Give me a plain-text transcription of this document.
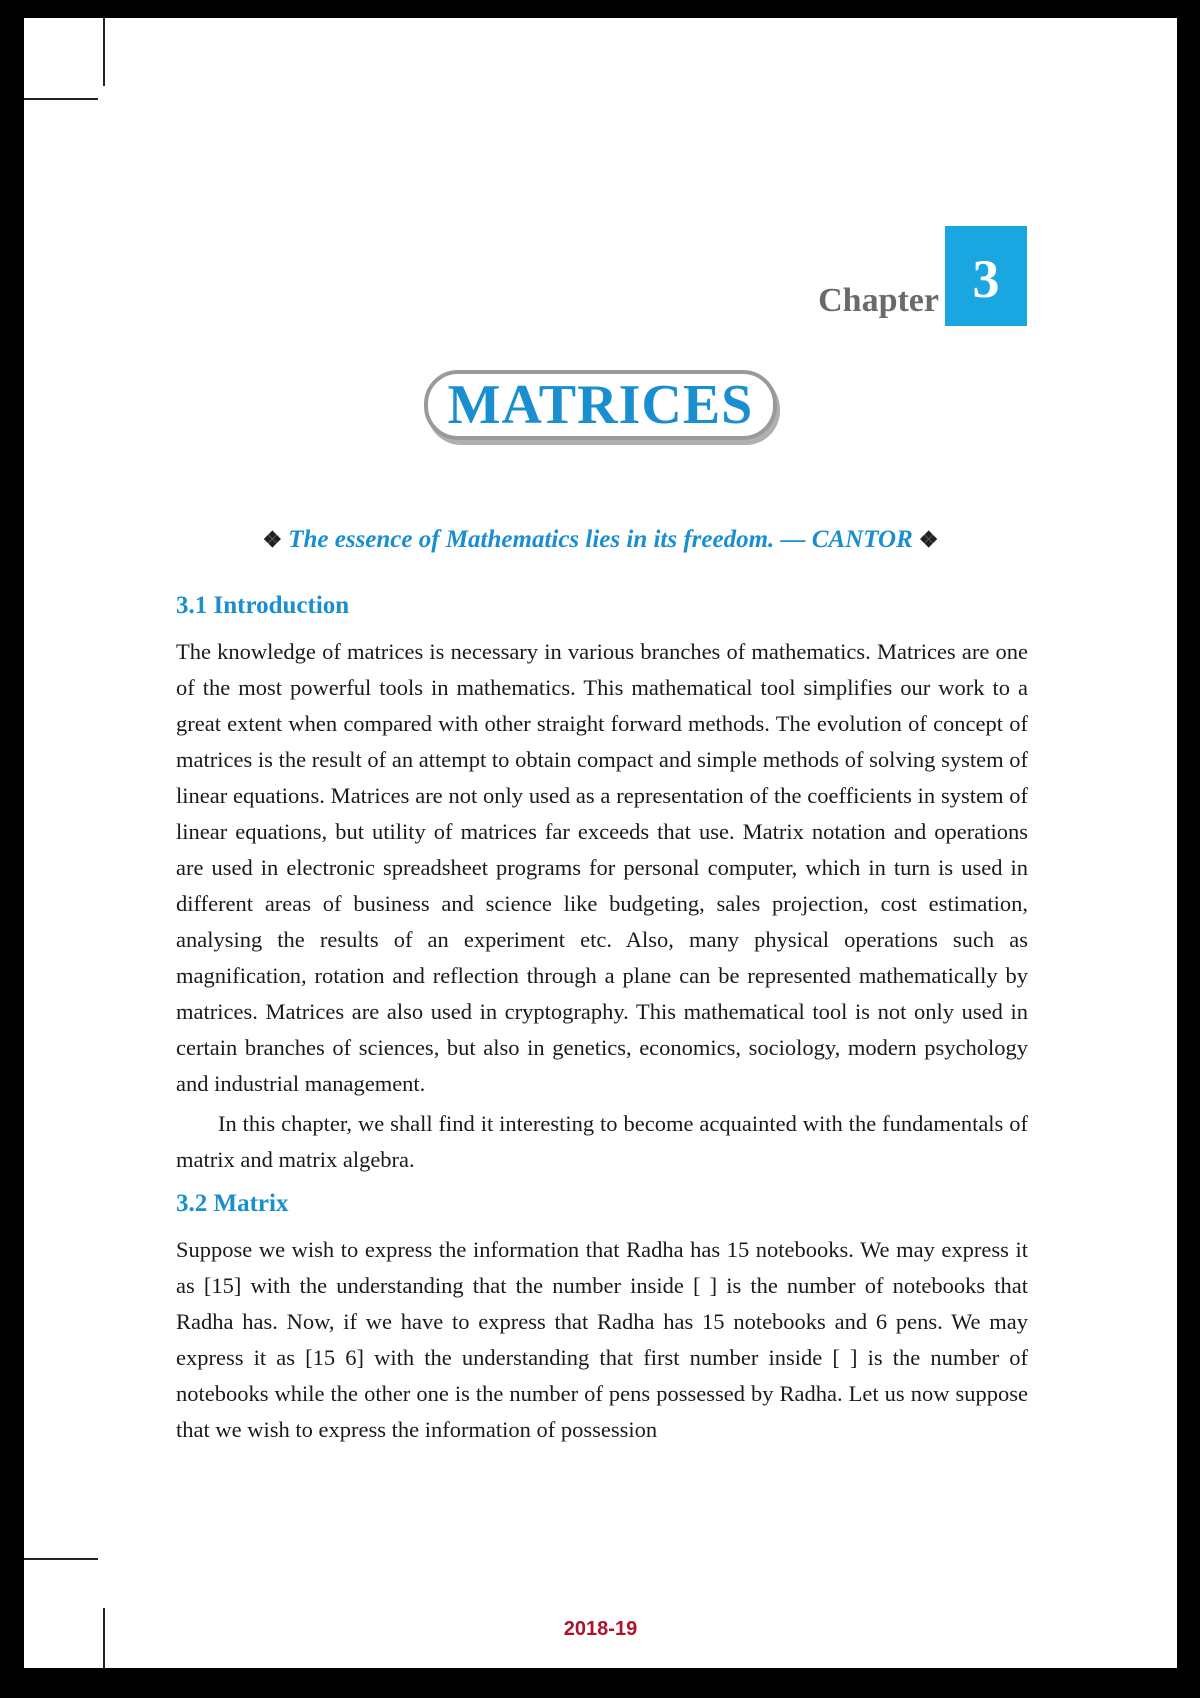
Chapter 3
MATRICES
❖ The essence of Mathematics lies in its freedom. — CANTOR ❖
3.1 Introduction

The knowledge of matrices is necessary in various branches of mathematics. Matrices are one of the most powerful tools in mathematics. This mathematical tool simplifies our work to a great extent when compared with other straight forward methods. The evolution of concept of matrices is the result of an attempt to obtain compact and simple methods of solving system of linear equations. Matrices are not only used as a representation of the coefficients in system of linear equations, but utility of matrices far exceeds that use. Matrix notation and operations are used in electronic spreadsheet programs for personal computer, which in turn is used in different areas of business and science like budgeting, sales projection, cost estimation, analysing the results of an experiment etc. Also, many physical operations such as magnification, rotation and reflection through a plane can be represented mathematically by matrices. Matrices are also used in cryptography. This mathematical tool is not only used in certain branches of sciences, but also in genetics, economics, sociology, modern psychology and industrial management.

In this chapter, we shall find it interesting to become acquainted with the fundamentals of matrix and matrix algebra.

3.2 Matrix

Suppose we wish to express the information that Radha has 15 notebooks. We may express it as [15] with the understanding that the number inside [ ] is the number of notebooks that Radha has. Now, if we have to express that Radha has 15 notebooks and 6 pens. We may express it as [15 6] with the understanding that first number inside [ ] is the number of notebooks while the other one is the number of pens possessed by Radha. Let us now suppose that we wish to express the information of possession

2018-19
